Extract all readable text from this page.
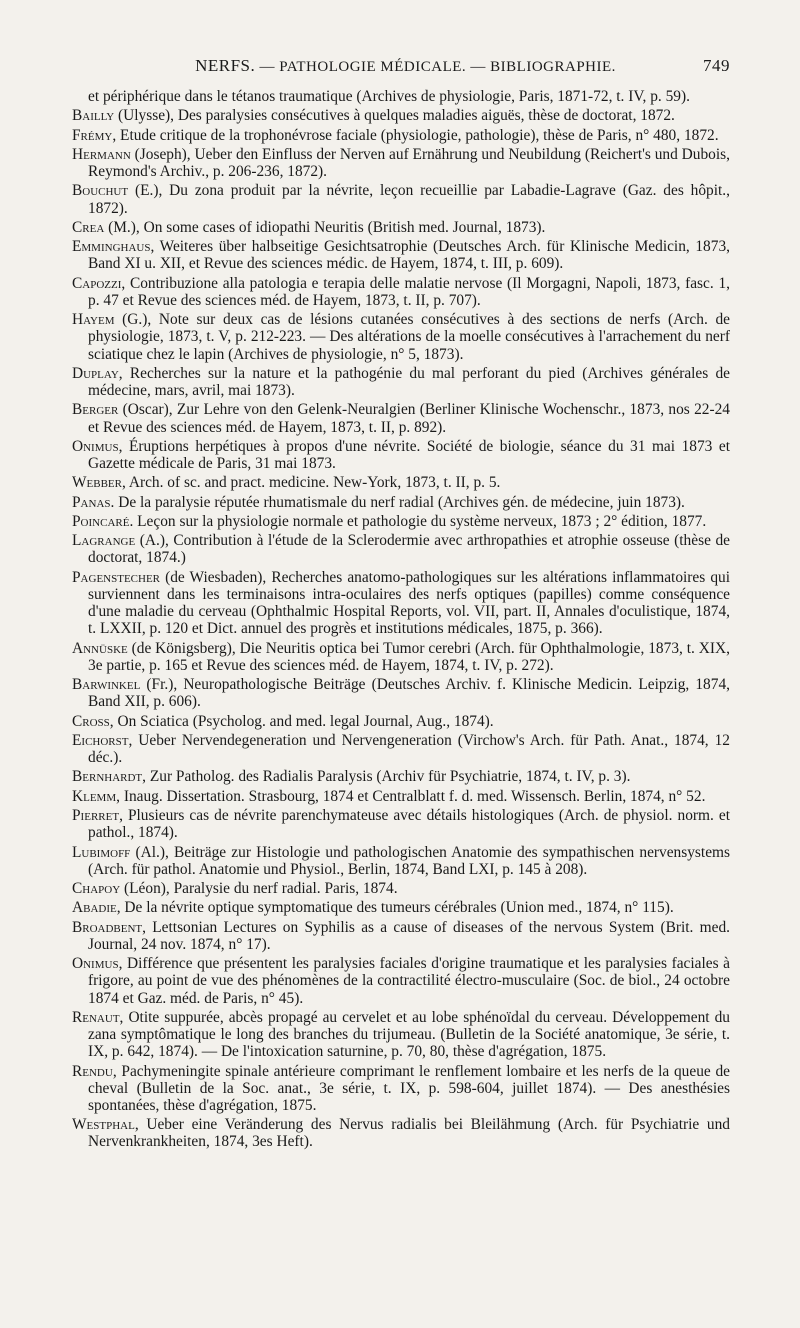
NERFS. — PATHOLOGIE MÉDICALE. — BIBLIOGRAPHIE.	749

et périphérique dans le tétanos traumatique (Archives de physiologie, Paris, 1871-72, t. IV, p. 59).

Bailly (Ulysse), Des paralysies consécutives à quelques maladies aiguës, thèse de doctorat, 1872.

Frémy, Etude critique de la trophonévrose faciale (physiologie, pathologie), thèse de Paris, n° 480, 1872.

Hermann (Joseph), Ueber den Einfluss der Nerven auf Ernährung und Neubildung (Reichert's und Dubois, Reymond's Archiv., p. 206-236, 1872).

Bouchut (E.), Du zona produit par la névrite, leçon recueillie par Labadie-Lagrave (Gaz. des hôpit., 1872).

Crea (M.), On some cases of idiopathi Neuritis (British med. Journal, 1873).

Emminghaus, Weiteres über halbseitige Gesichtsatrophie (Deutsches Arch. für Klinische Medicin, 1873, Band XI u. XII, et Revue des sciences médic. de Hayem, 1874, t. III, p. 609).

Capozzi, Contribuzione alla patologia e terapia delle malatie nervose (Il Morgagni, Napoli, 1873, fasc. 1, p. 47 et Revue des sciences méd. de Hayem, 1873, t. II, p. 707).

Hayem (G.), Note sur deux cas de lésions cutanées consécutives à des sections de nerfs (Arch. de physiologie, 1873, t. V, p. 212-223. — Des altérations de la moelle consécutives à l'arrachement du nerf sciatique chez le lapin (Archives de physiologie, n° 5, 1873).

Duplay, Recherches sur la nature et la pathogénie du mal perforant du pied (Archives générales de médecine, mars, avril, mai 1873).

Berger (Oscar), Zur Lehre von den Gelenk-Neuralgien (Berliner Klinische Wochenschr., 1873, nos 22-24 et Revue des sciences méd. de Hayem, 1873, t. II, p. 892).

Onimus, Éruptions herpétiques à propos d'une névrite. Société de biologie, séance du 31 mai 1873 et Gazette médicale de Paris, 31 mai 1873.

Webber, Arch. of sc. and pract. medicine. New-York, 1873, t. II, p. 5.

Panas. De la paralysie réputée rhumatismale du nerf radial (Archives gén. de médecine, juin 1873).

Poincaré. Leçon sur la physiologie normale et pathologie du système nerveux, 1873 ; 2° édition, 1877.

Lagrange (A.), Contribution à l'étude de la Sclerodermie avec arthropathies et atrophie osseuse (thèse de doctorat, 1874.)

Pagenstecher (de Wiesbaden), Recherches anatomo-pathologiques sur les altérations inflammatoires qui surviennent dans les terminaisons intra-oculaires des nerfs optiques (papilles) comme conséquence d'une maladie du cerveau (Ophthalmic Hospital Reports, vol. VII, part. II, Annales d'oculistique, 1874, t. LXXII, p. 120 et Dict. annuel des progrès et institutions médicales, 1875, p. 366).

Annüske (de Königsberg), Die Neuritis optica bei Tumor cerebri (Arch. für Ophthalmologie, 1873, t. XIX, 3e partie, p. 165 et Revue des sciences méd. de Hayem, 1874, t. IV, p. 272).

Barwinkel (Fr.), Neuropathologische Beiträge (Deutsches Archiv. f. Klinische Medicin. Leipzig, 1874, Band XII, p. 606).

Cross, On Sciatica (Psycholog. and med. legal Journal, Aug., 1874).

Eichorst, Ueber Nervendegeneration und Nervengeneration (Virchow's Arch. für Path. Anat., 1874, 12 déc.).

Bernhardt, Zur Patholog. des Radialis Paralysis (Archiv für Psychiatrie, 1874, t. IV, p. 3).

Klemm, Inaug. Dissertation. Strasbourg, 1874 et Centralblatt f. d. med. Wissensch. Berlin, 1874, n° 52.

Pierret, Plusieurs cas de névrite parenchymateuse avec détails histologiques (Arch. de physiol. norm. et pathol., 1874).

Lubimoff (Al.), Beiträge zur Histologie und pathologischen Anatomie des sympathischen nervensystems (Arch. für pathol. Anatomie und Physiol., Berlin, 1874, Band LXI, p. 145 à 208).

Chapoy (Léon), Paralysie du nerf radial. Paris, 1874.

Abadie, De la névrite optique symptomatique des tumeurs cérébrales (Union med., 1874, n° 115).

Broadbent, Lettsonian Lectures on Syphilis as a cause of diseases of the nervous System (Brit. med. Journal, 24 nov. 1874, n° 17).

Onimus, Différence que présentent les paralysies faciales d'origine traumatique et les paralysies faciales à frigore, au point de vue des phénomènes de la contractilité électro-musculaire (Soc. de biol., 24 octobre 1874 et Gaz. méd. de Paris, n° 45).

Renaut, Otite suppurée, abcès propagé au cervelet et au lobe sphénoïdal du cerveau. Développement du zana symptômatique le long des branches du trijumeau. (Bulletin de la Société anatomique, 3e série, t. IX, p. 642, 1874). — De l'intoxication saturnine, p. 70, 80, thèse d'agrégation, 1875.

Rendu, Pachymeningite spinale antérieure comprimant le renflement lombaire et les nerfs de la queue de cheval (Bulletin de la Soc. anat., 3e série, t. IX, p. 598-604, juillet 1874). — Des anesthésies spontanées, thèse d'agrégation, 1875.

Westphal, Ueber eine Veränderung des Nervus radialis bei Bleilähmung (Arch. für Psychiatrie und Nervenkrankheiten, 1874, 3es Heft).
